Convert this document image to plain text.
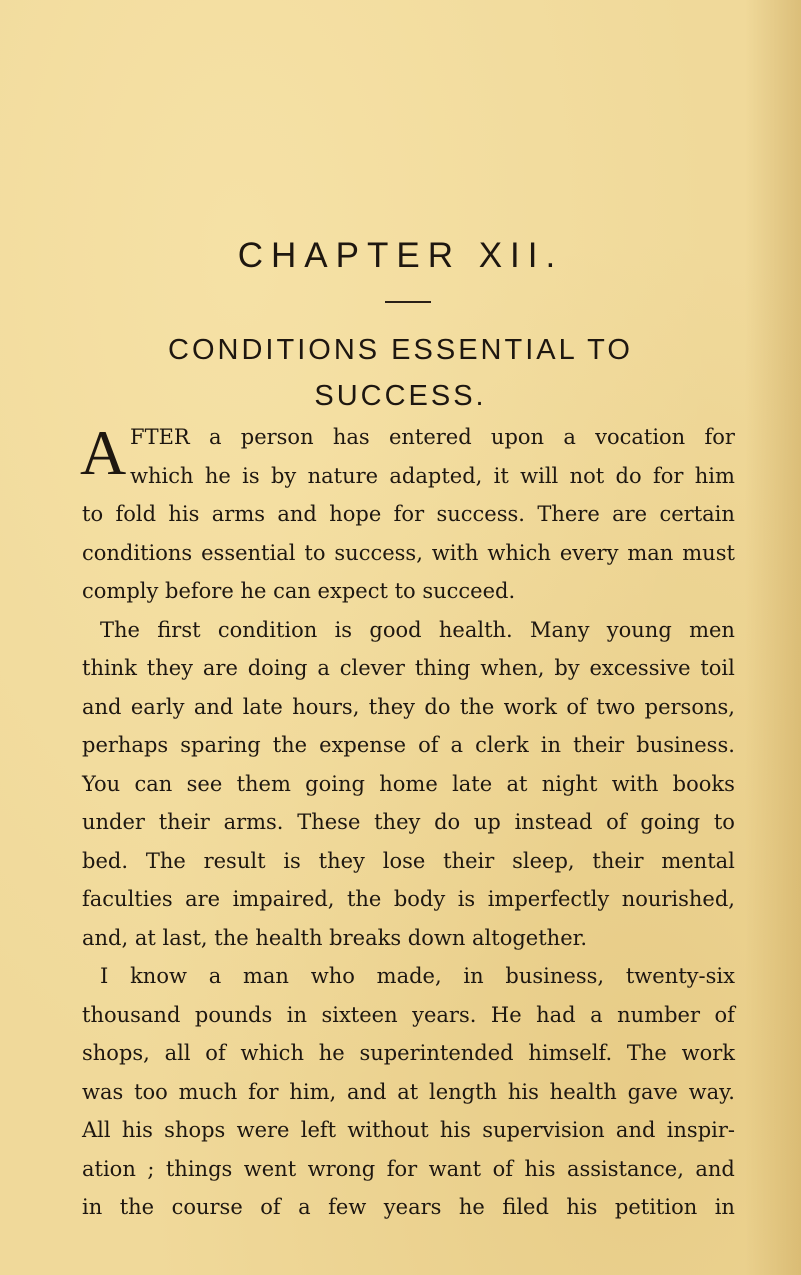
CHAPTER XII.
CONDITIONS ESSENTIAL TO
SUCCESS.
A FTER a person has entered upon a vocation for
which he is by nature adapted, it will not do for him
to fold his arms and hope for success. There are certain
conditions essential to success, with which every man must
comply before he can expect to succeed.
The first condition is good health. Many young men
think they are doing a clever thing when, by excessive toil
and early and late hours, they do the work of two persons,
perhaps sparing the expense of a clerk in their business.
You can see them going home late at night with books
under their arms. These they do up instead of going to
bed. The result is they lose their sleep, their mental
faculties are impaired, the body is imperfectly nourished,
and, at last, the health breaks down altogether.
I know a man who made, in business, twenty-six
thousand pounds in sixteen years. He had a number of
shops, all of which he superintended himself. The work
was too much for him, and at length his health gave way.
All his shops were left without his supervision and inspir-
ation ; things went wrong for want of his assistance, and
in the course of a few years he filed his petition in
